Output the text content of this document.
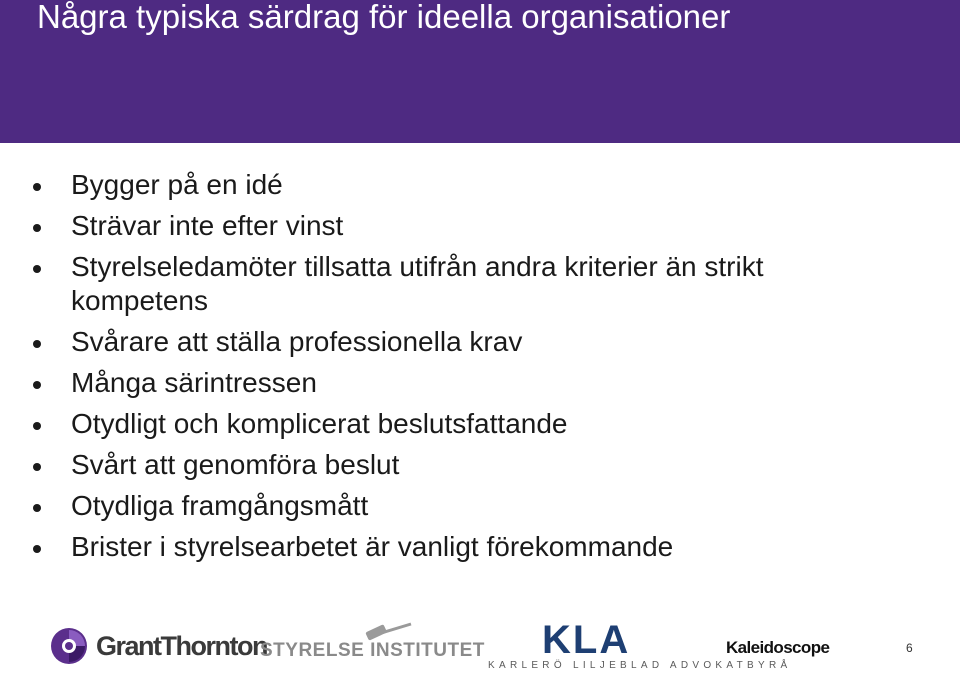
Några typiska särdrag för ideella organisationer
Bygger på en idé
Strävar inte efter vinst
Styrelseledamöter tillsatta utifrån andra kriterier än strikt kompetens
Svårare att ställa professionella krav
Många särintressen
Otydligt och komplicerat beslutsfattande
Svårt att genomföra beslut
Otydliga framgångsmått
Brister i styrelsearbetet är vanligt förekommande
GrantThornton
STYRELSE INSTITUTET KLA
KARLERÖ LILJEBLAD ADVOKATBYRÅ
Kaleidoscope	6
